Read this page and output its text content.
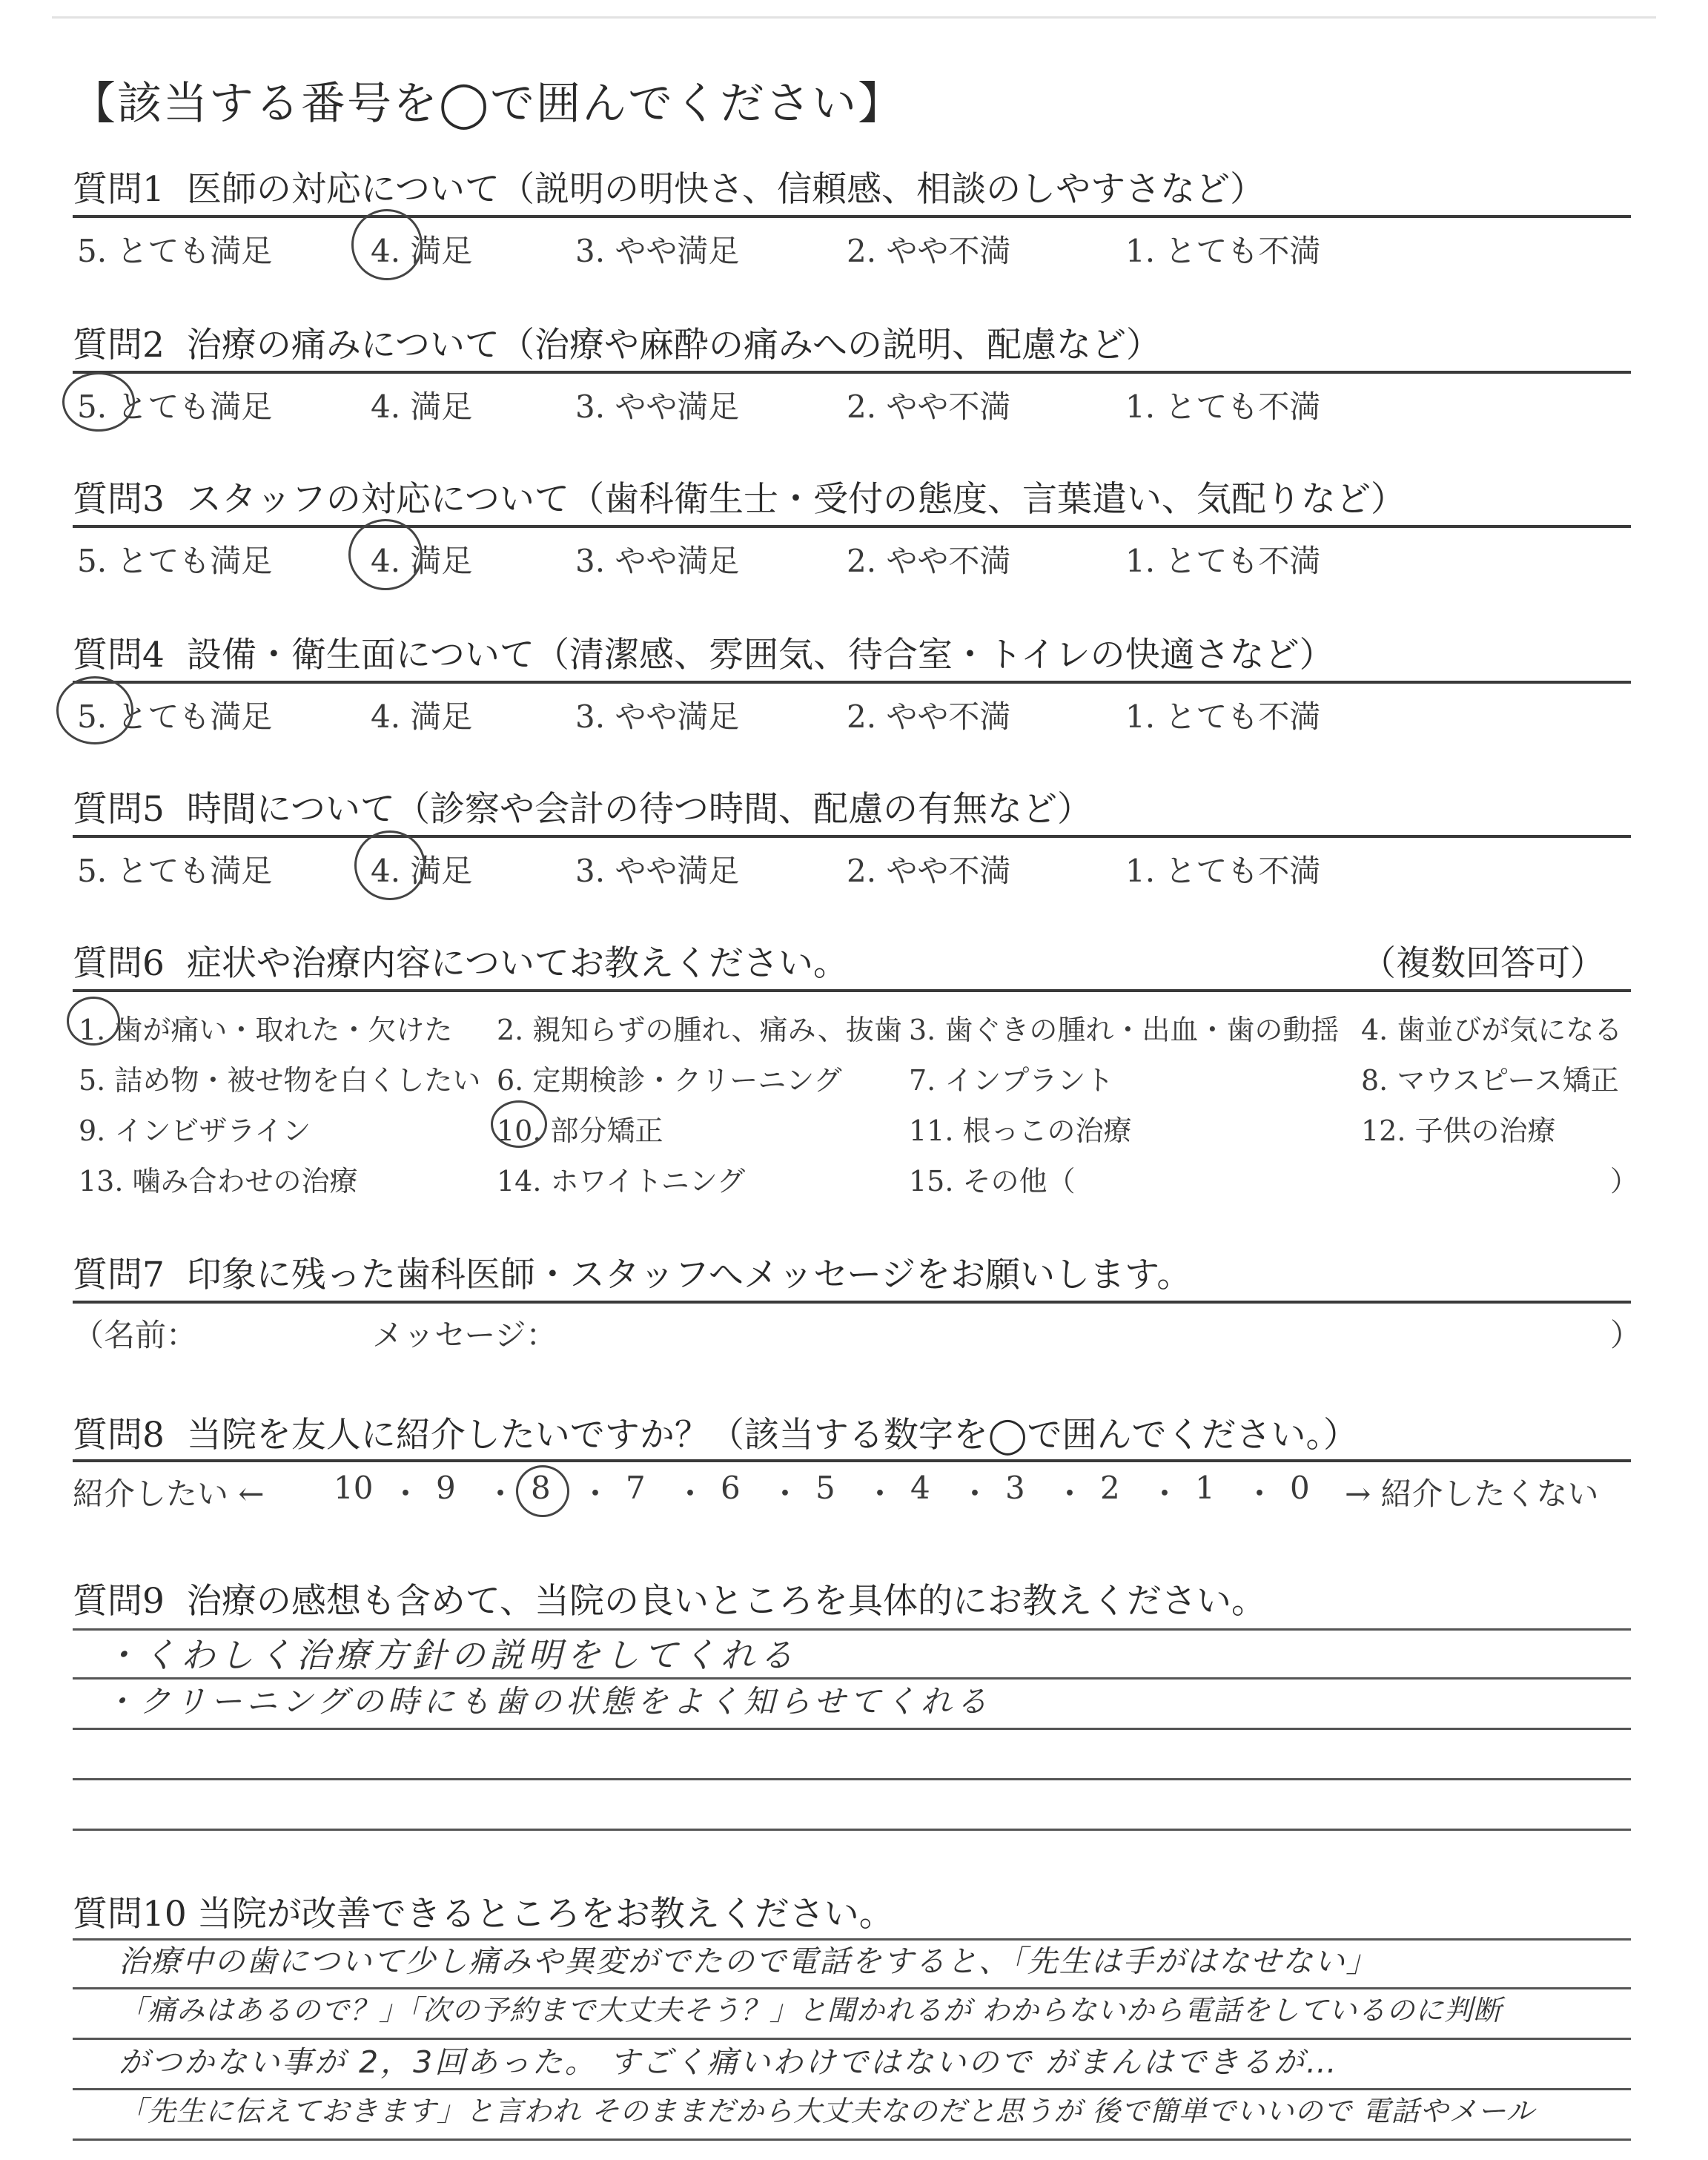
【該当する番号を◯で囲んでください】
質問1 医師の対応について（説明の明快さ、信頼感、相談のしやすさなど）
5. とても満足	4. 満足	3. やや満足	2. やや不満	1. とても不満
質問2 治療の痛みについて（治療や麻酔の痛みへの説明、配慮など）
5. とても満足	4. 満足	3. やや満足	2. やや不満	1. とても不満
質問3 スタッフの対応について（歯科衛生士・受付の態度、言葉遣い、気配りなど）
5. とても満足	4. 満足	3. やや満足	2. やや不満	1. とても不満
質問4 設備・衛生面について（清潔感、雰囲気、待合室・トイレの快適さなど）
5. とても満足	4. 満足	3. やや満足	2. やや不満	1. とても不満
質問5 時間について（診察や会計の待つ時間、配慮の有無など）
5. とても満足	4. 満足	3. やや満足	2. やや不満	1. とても不満
質問6 症状や治療内容についてお教えください。	（複数回答可）
1. 歯が痛い・取れた・欠けた 2. 親知らずの腫れ、痛み、抜歯 3. 歯ぐきの腫れ・出血・歯の動揺 4. 歯並びが気になる
5. 詰め物・被せ物を白くしたい 6. 定期検診・クリーニング 7. インプラント	8. マウスピース矯正
9. インビザライン	10. 部分矯正	11. 根っこの治療	12. 子供の治療
13. 噛み合わせの治療	14. ホワイトニング	15. その他（	）
質問7 印象に残った歯科医師・スタッフへメッセージをお願いします。
（名前：	メッセージ：	）
質問8 当院を友人に紹介したいですか？（該当する数字を◯で囲んでください。）
紹介したい ← 10 ・ 9 ・ 8 ・ 7 ・ 6 ・ 5 ・ 4 ・ 3 ・ 2 ・ 1 ・ 0 → 紹介したくない
質問9 治療の感想も含めて、当院の良いところを具体的にお教えください。
・くわしく治療方針の説明をしてくれる
・クリーニングの時にも歯の状態をよく知らせてくれる
質問10 当院が改善できるところをお教えください。
治療中の歯について少し痛みや異変がでたので電話をすると、「先生は手がはなせない」
「痛みはあるので？」「次の予約まで大丈夫そう？」と聞かれるが わからないから電話をしているのに判断
がつかない事が 2，3回あった。 すごく痛いわけではないので がまんはできるが…
「先生に伝えておきます」と言われ そのままだから大丈夫なのだと思うが 後で簡単でいいので 電話やメール
